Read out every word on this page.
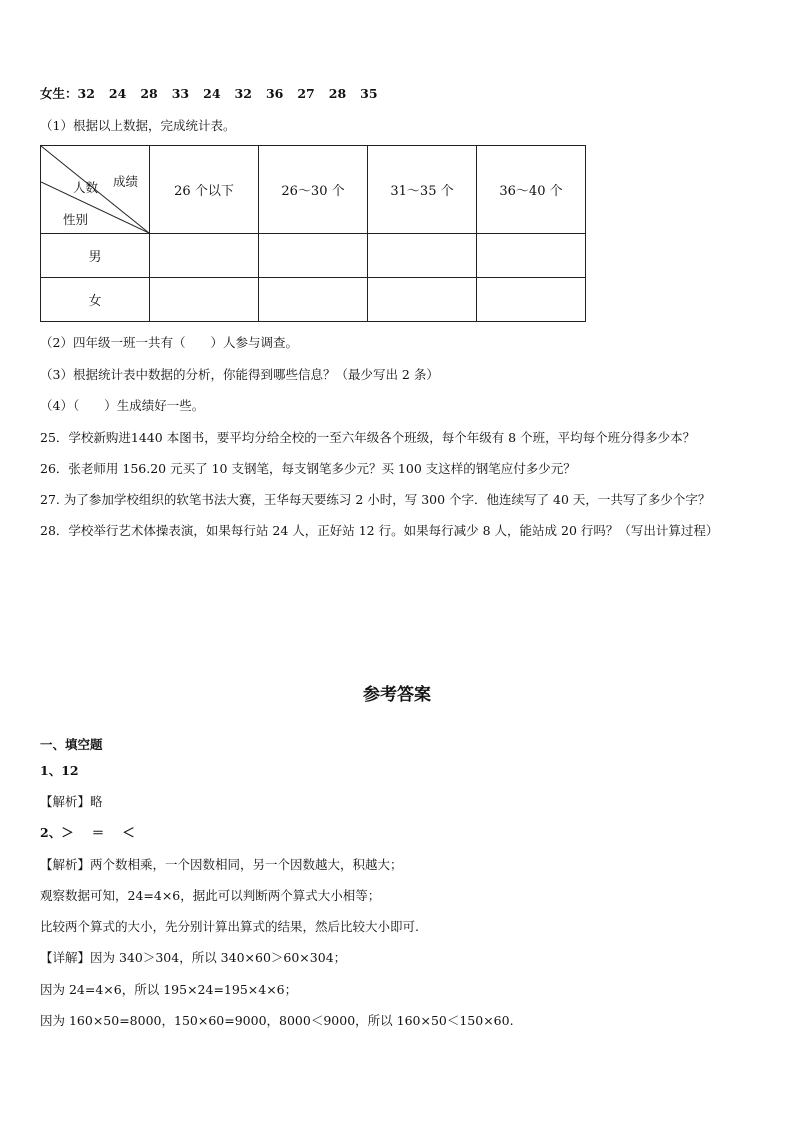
女生：32 24 28 33 24 32 36 27 28 35
（1）根据以上数据，完成统计表。
成绩
人数
性别	26 个以下	26～30 个	31～35 个	36～40 个
男				
女				
（2）四年级一班一共有（　　）人参与调查。
（3）根据统计表中数据的分析，你能得到哪些信息？（最少写出 2 条）
（4）（　　）生成绩好一些。
25．学校新购进1440 本图书，要平均分给全校的一至六年级各个班级，每个年级有 8 个班，平均每个班分得多少本？
26．张老师用 156.20 元买了 10 支钢笔，每支钢笔多少元？买 100 支这样的钢笔应付多少元？
27. 为了参加学校组织的软笔书法大赛，王华每天要练习 2 小时，写 300 个字．他连续写了 40 天，一共写了多少个字？
28．学校举行艺术体操表演，如果每行站 24 人，正好站 12 行。如果每行减少 8 人，能站成 20 行吗？（写出计算过程）
参考答案
一、填空题
1、12
【解析】略
2、＞ ＝ ＜
【解析】两个数相乘，一个因数相同，另一个因数越大，积越大；
观察数据可知，24=4×6，据此可以判断两个算式大小相等；
比较两个算式的大小，先分别计算出算式的结果，然后比较大小即可.
【详解】因为 340＞304，所以 340×60＞60×304；
因为 24=4×6，所以 195×24=195×4×6；
因为 160×50=8000，150×60=9000，8000＜9000，所以 160×50＜150×60.
